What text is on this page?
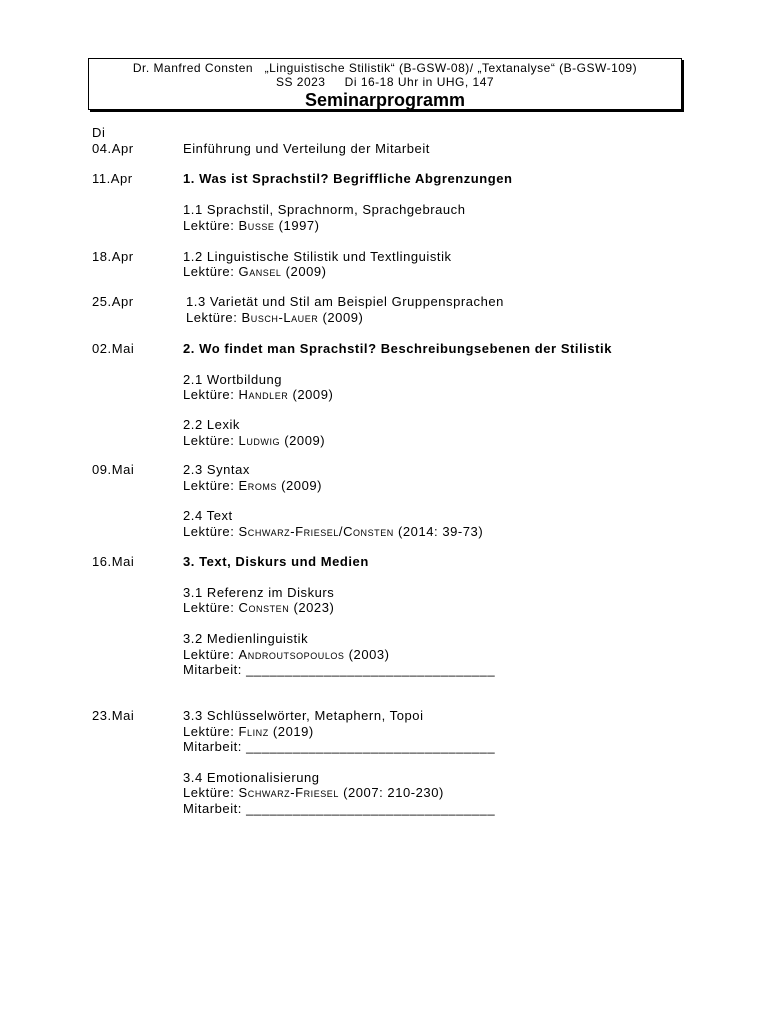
Dr. Manfred Consten „Linguistische Stilistik“ (B-GSW-08)/ „Textanalyse“ (B-GSW-109)
SS 2023 Di 16-18 Uhr in UHG, 147
Seminarprogramm
Di
04.Apr	Einführung und Verteilung der Mitarbeit
11.Apr	1. Was ist Sprachstil? Begriffliche Abgrenzungen
1.1 Sprachstil, Sprachnorm, Sprachgebrauch
Lektüre: Busse (1997)
18.Apr	1.2 Linguistische Stilistik und Textlinguistik
Lektüre: Gansel (2009)
25.Apr	1.3 Varietät und Stil am Beispiel Gruppensprachen
Lektüre: Busch-Lauer (2009)
02.Mai	2. Wo findet man Sprachstil? Beschreibungsebenen der Stilistik
2.1 Wortbildung
Lektüre: Handler (2009)
2.2 Lexik
Lektüre: Ludwig (2009)
09.Mai	2.3 Syntax
Lektüre: Eroms (2009)
2.4 Text
Lektüre: Schwarz-Friesel/Consten (2014: 39-73)
16.Mai	3. Text, Diskurs und Medien
3.1 Referenz im Diskurs
Lektüre: Consten (2023)
3.2 Medienlinguistik
Lektüre: Androutsopoulos (2003)
Mitarbeit: ________________________________
23.Mai	3.3 Schlüsselwörter, Metaphern, Topoi
Lektüre: Flinz (2019)
Mitarbeit: ________________________________
3.4 Emotionalisierung
Lektüre: Schwarz-Friesel (2007: 210-230)
Mitarbeit: ________________________________
